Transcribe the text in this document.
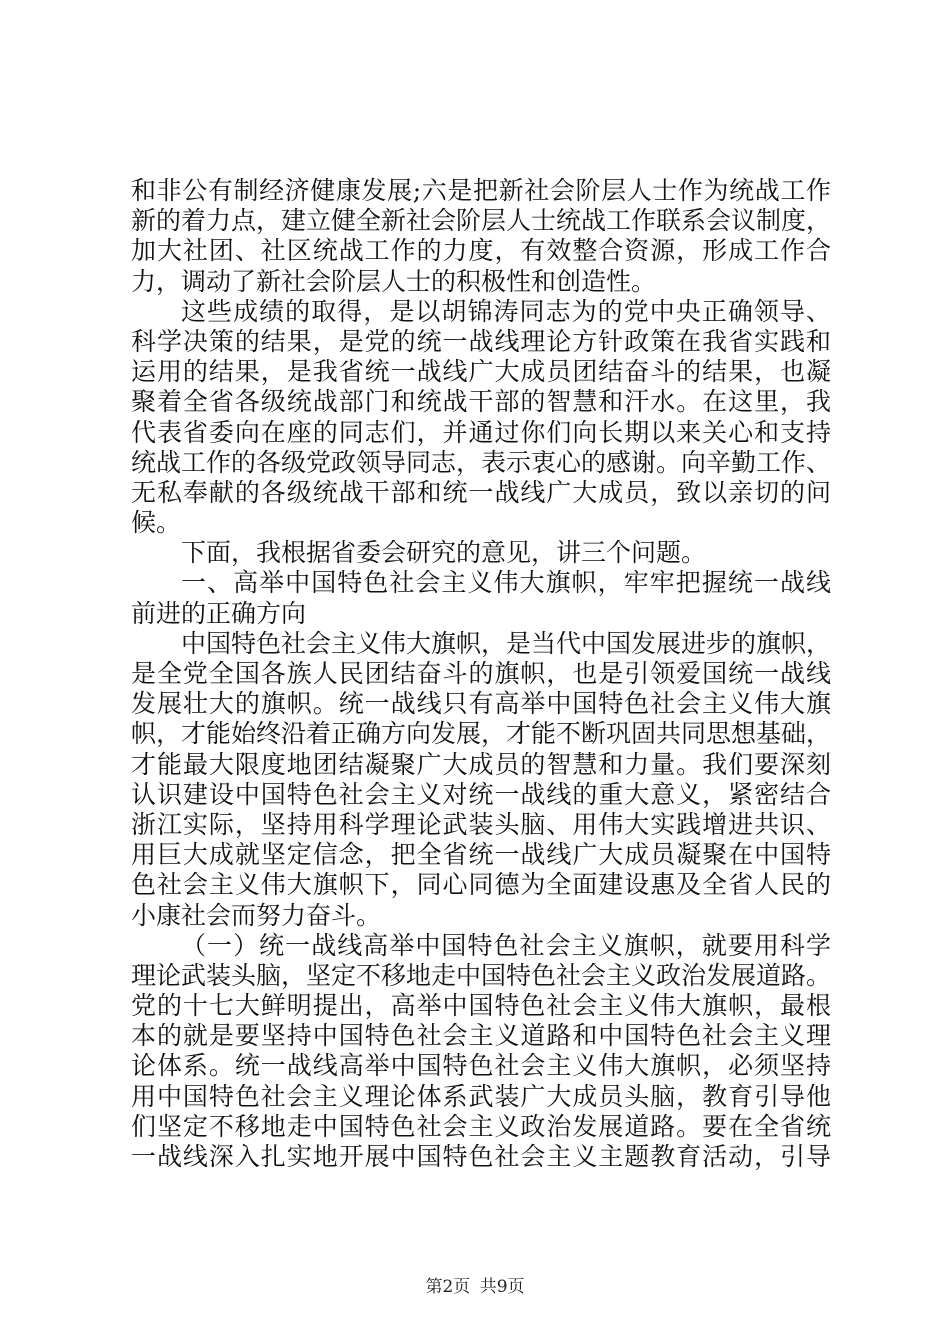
和非公有制经济健康发展;六是把新社会阶层人士作为统战工作
新的着力点，建立健全新社会阶层人士统战工作联系会议制度，
加大社团、社区统战工作的力度，有效整合资源，形成工作合
力，调动了新社会阶层人士的积极性和创造性。
这些成绩的取得，是以胡锦涛同志为的党中央正确领导、
科学决策的结果，是党的统一战线理论方针政策在我省实践和
运用的结果，是我省统一战线广大成员团结奋斗的结果，也凝
聚着全省各级统战部门和统战干部的智慧和汗水。在这里，我
代表省委向在座的同志们，并通过你们向长期以来关心和支持
统战工作的各级党政领导同志，表示衷心的感谢。向辛勤工作、
无私奉献的各级统战干部和统一战线广大成员，致以亲切的问
候。
下面，我根据省委会研究的意见，讲三个问题。
一、高举中国特色社会主义伟大旗帜，牢牢把握统一战线
前进的正确方向
中国特色社会主义伟大旗帜，是当代中国发展进步的旗帜，
是全党全国各族人民团结奋斗的旗帜，也是引领爱国统一战线
发展壮大的旗帜。统一战线只有高举中国特色社会主义伟大旗
帜，才能始终沿着正确方向发展，才能不断巩固共同思想基础，
才能最大限度地团结凝聚广大成员的智慧和力量。我们要深刻
认识建设中国特色社会主义对统一战线的重大意义，紧密结合
浙江实际，坚持用科学理论武装头脑、用伟大实践增进共识、
用巨大成就坚定信念，把全省统一战线广大成员凝聚在中国特
色社会主义伟大旗帜下，同心同德为全面建设惠及全省人民的
小康社会而努力奋斗。
（一）统一战线高举中国特色社会主义旗帜，就要用科学
理论武装头脑，坚定不移地走中国特色社会主义政治发展道路。
党的十七大鲜明提出，高举中国特色社会主义伟大旗帜，最根
本的就是要坚持中国特色社会主义道路和中国特色社会主义理
论体系。统一战线高举中国特色社会主义伟大旗帜，必须坚持
用中国特色社会主义理论体系武装广大成员头脑，教育引导他
们坚定不移地走中国特色社会主义政治发展道路。要在全省统
一战线深入扎实地开展中国特色社会主义主题教育活动，引导
第2页 共9页
